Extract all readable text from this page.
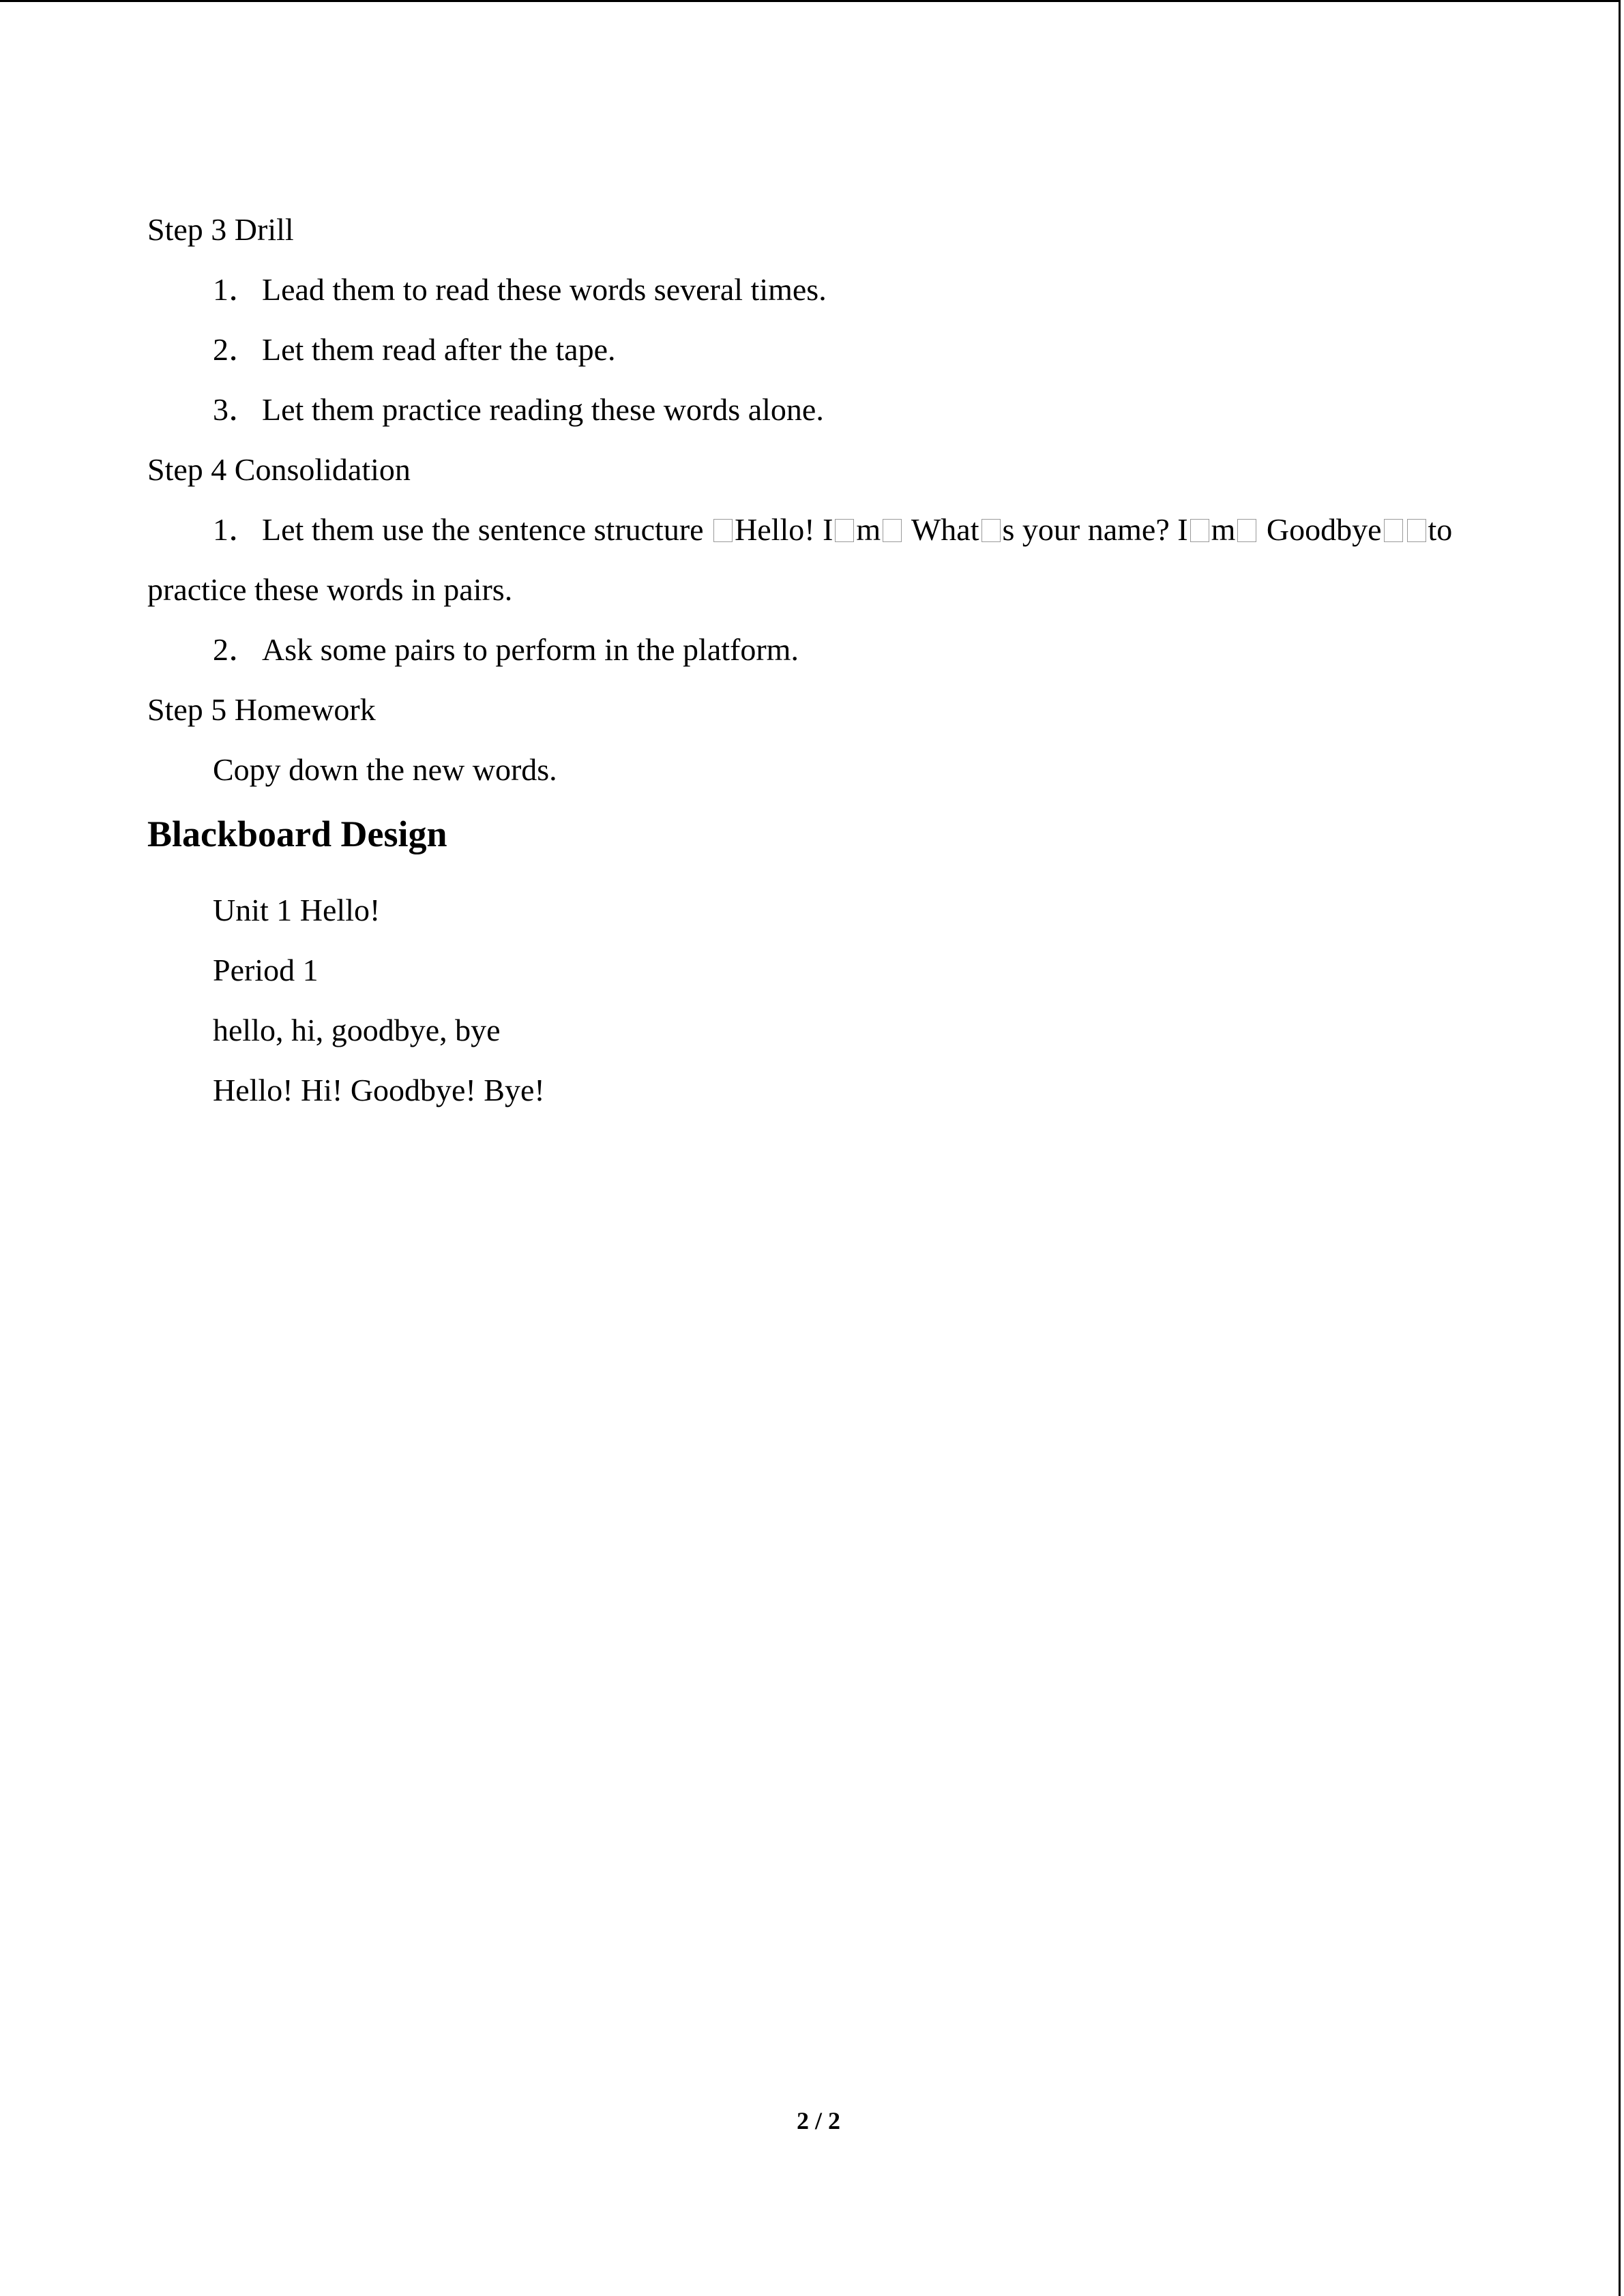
Step 3 Drill
1．Lead them to read these words several times.
2．Let them read after the tape.
3．Let them practice reading these words alone.
Step 4 Consolidation
1．Let them use the sentence structure Hello! I m What s your name? I m Goodbye to
practice these words in pairs.
2．Ask some pairs to perform in the platform.
Step 5 Homework
Copy down the new words.
Blackboard Design
Unit 1 Hello!
Period 1
hello, hi, goodbye, bye
Hello! Hi! Goodbye! Bye!
2 / 2
